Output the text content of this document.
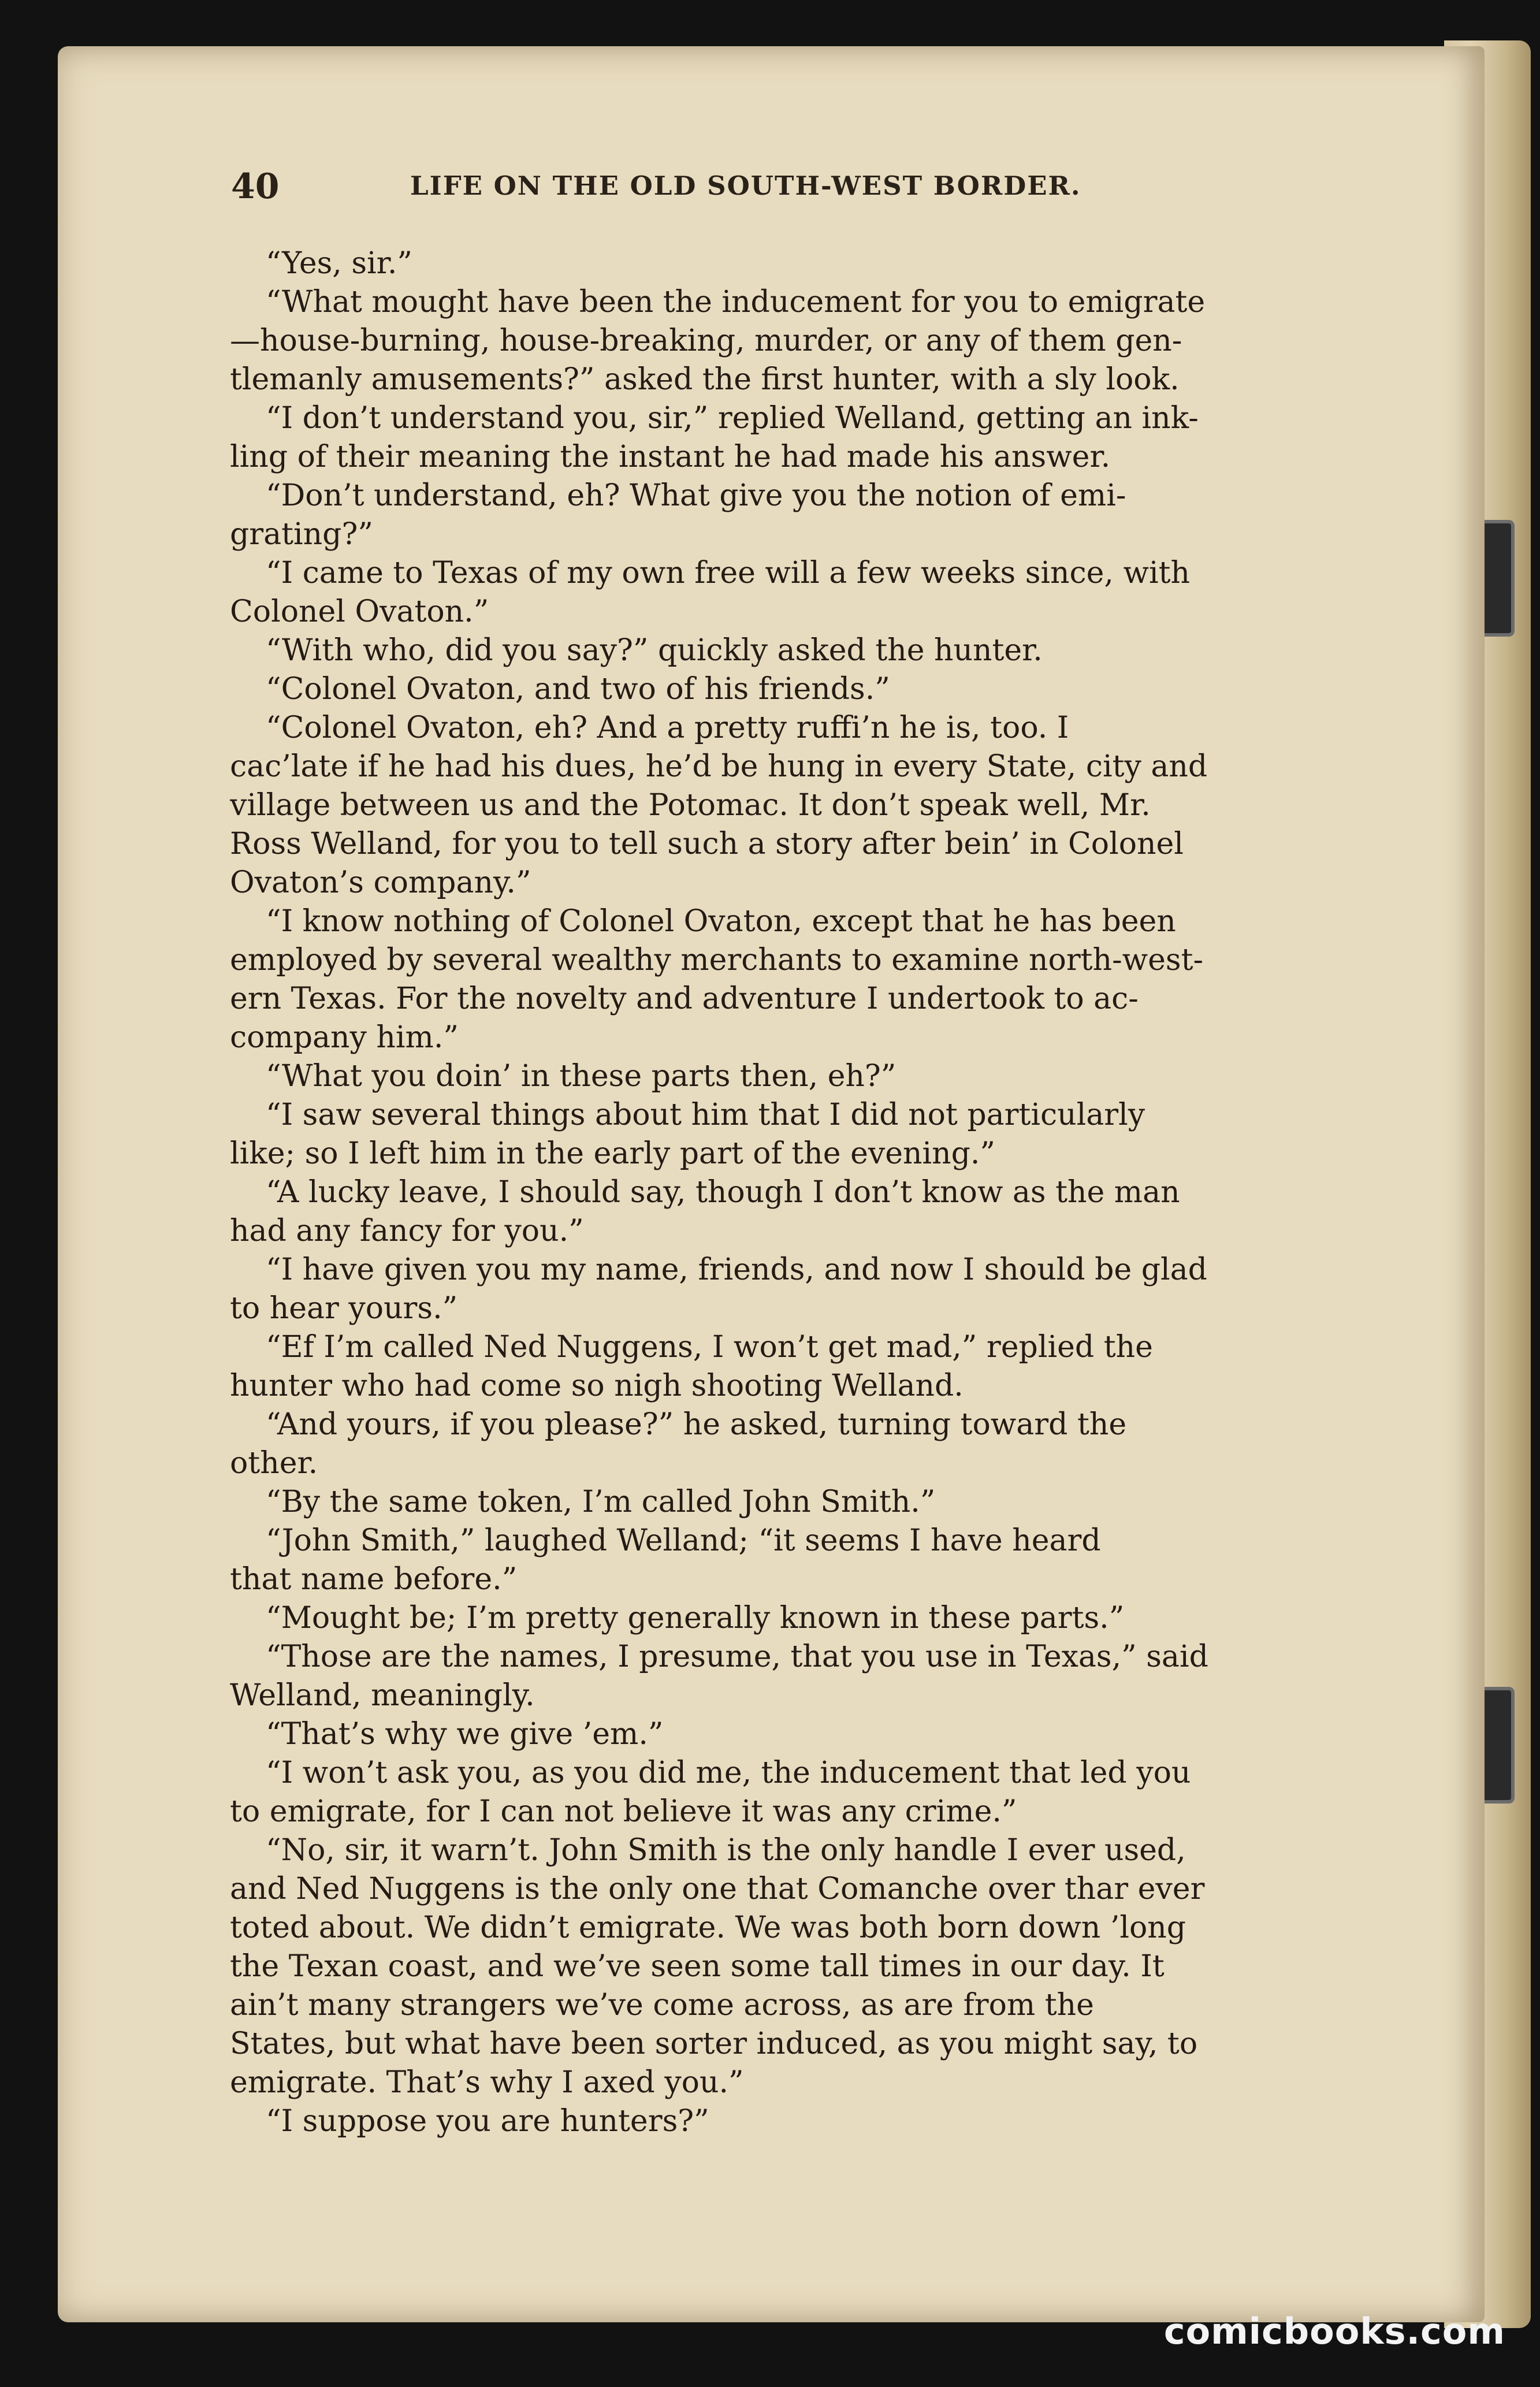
40	LIFE ON THE OLD SOUTH-WEST BORDER.
“Yes, sir.”
“What mought have been the inducement for you to emigrate
—house-burning, house-breaking, murder, or any of them gen-
tlemanly amusements?” asked the first hunter, with a sly look.
“I don’t understand you, sir,” replied Welland, getting an ink-
ling of their meaning the instant he had made his answer.
“Don’t understand, eh? What give you the notion of emi-
grating?”
“I came to Texas of my own free will a few weeks since, with
Colonel Ovaton.”
“With who, did you say?” quickly asked the hunter.
“Colonel Ovaton, and two of his friends.”
“Colonel Ovaton, eh? And a pretty ruffi’n he is, too. I
cac’late if he had his dues, he’d be hung in every State, city and
village between us and the Potomac. It don’t speak well, Mr.
Ross Welland, for you to tell such a story after bein’ in Colonel
Ovaton’s company.”
“I know nothing of Colonel Ovaton, except that he has been
employed by several wealthy merchants to examine north-west-
ern Texas. For the novelty and adventure I undertook to ac-
company him.”
“What you doin’ in these parts then, eh?”
“I saw several things about him that I did not particularly
like; so I left him in the early part of the evening.”
“A lucky leave, I should say, though I don’t know as the man
had any fancy for you.”
“I have given you my name, friends, and now I should be glad
to hear yours.”
“Ef I’m called Ned Nuggens, I won’t get mad,” replied the
hunter who had come so nigh shooting Welland.
“And yours, if you please?” he asked, turning toward the
other.
“By the same token, I’m called John Smith.”
“John Smith,” laughed Welland; “it seems I have heard
that name before.”
“Mought be; I’m pretty generally known in these parts.”
“Those are the names, I presume, that you use in Texas,” said
Welland, meaningly.
“That’s why we give ’em.”
“I won’t ask you, as you did me, the inducement that led you
to emigrate, for I can not believe it was any crime.”
“No, sir, it warn’t. John Smith is the only handle I ever used,
and Ned Nuggens is the only one that Comanche over thar ever
toted about. We didn’t emigrate. We was both born down ’long
the Texan coast, and we’ve seen some tall times in our day. It
ain’t many strangers we’ve come across, as are from the
States, but what have been sorter induced, as you might say, to
emigrate. That’s why I axed you.”
“I suppose you are hunters?”
comicbooks.com
